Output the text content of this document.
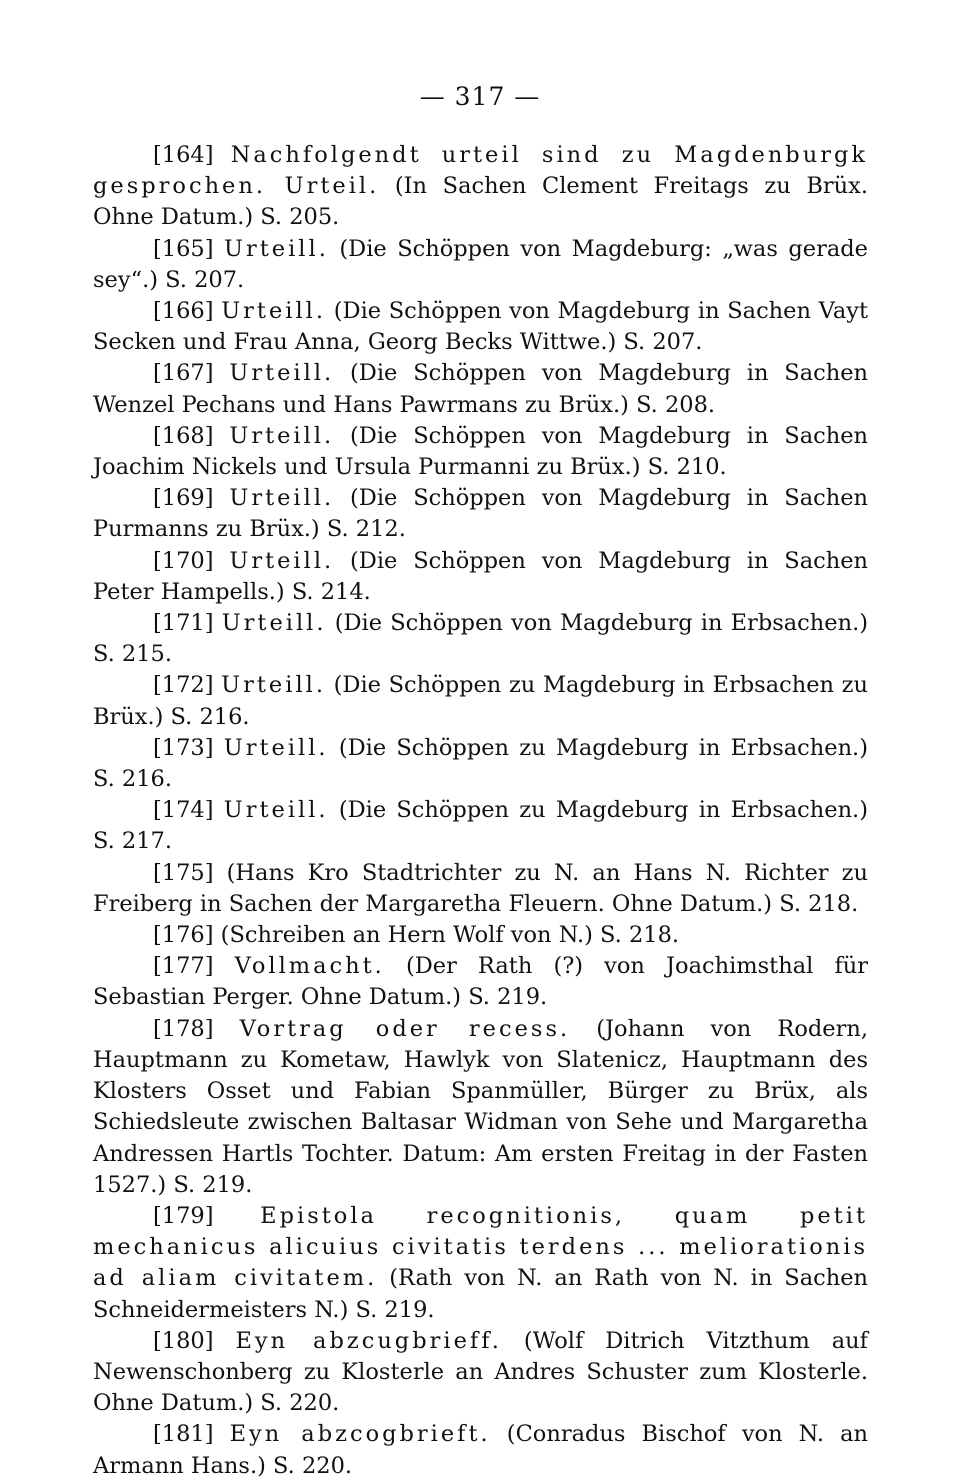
— 317 —

[164] Nachfolgendt urteil sind zu Magdenburgk gesprochen. Urteil. (In Sachen Clement Freitags zu Brüx. Ohne Datum.) S. 205.

[165] Urteill. (Die Schöppen von Magdeburg: „was gerade sey“.) S. 207.

[166] Urteill. (Die Schöppen von Magdeburg in Sachen Vayt Secken und Frau Anna, Georg Becks Wittwe.) S. 207.

[167] Urteill. (Die Schöppen von Magdeburg in Sachen Wenzel Pechans und Hans Pawrmans zu Brüx.) S. 208.

[168] Urteill. (Die Schöppen von Magdeburg in Sachen Joachim Nickels und Ursula Purmanni zu Brüx.) S. 210.

[169] Urteill. (Die Schöppen von Magdeburg in Sachen Purmanns zu Brüx.) S. 212.

[170] Urteill. (Die Schöppen von Magdeburg in Sachen Peter Hampells.) S. 214.

[171] Urteill. (Die Schöppen von Magdeburg in Erbsachen.) S. 215.

[172] Urteill. (Die Schöppen zu Magdeburg in Erbsachen zu Brüx.) S. 216.

[173] Urteill. (Die Schöppen zu Magdeburg in Erbsachen.) S. 216.

[174] Urteill. (Die Schöppen zu Magdeburg in Erbsachen.) S. 217.

[175] (Hans Kro Stadtrichter zu N. an Hans N. Richter zu Freiberg in Sachen der Margaretha Fleuern. Ohne Datum.) S. 218.

[176] (Schreiben an Hern Wolf von N.) S. 218.

[177] Vollmacht. (Der Rath (?) von Joachimsthal für Sebastian Perger. Ohne Datum.) S. 219.

[178] Vortrag oder recess. (Johann von Rodern, Hauptmann zu Kometaw, Hawlyk von Slatenicz, Hauptmann des Klosters Osset und Fabian Spanmüller, Bürger zu Brüx, als Schiedsleute zwischen Baltasar Widman von Sehe und Margaretha Andressen Hartls Tochter. Datum: Am ersten Freitag in der Fasten 1527.) S. 219.

[179] Epistola recognitionis, quam petit mechanicus alicuius civitatis terdens ... meliorationis ad aliam civitatem. (Rath von N. an Rath von N. in Sachen Schneidermeisters N.) S. 219.

[180] Eyn abzcugbrieff. (Wolf Ditrich Vitzthum auf Newenschonberg zu Klosterle an Andres Schuster zum Klosterle. Ohne Datum.) S. 220.

[181] Eyn abzcogbrieft. (Conradus Bischof von N. an Armann Hans.) S. 220.
